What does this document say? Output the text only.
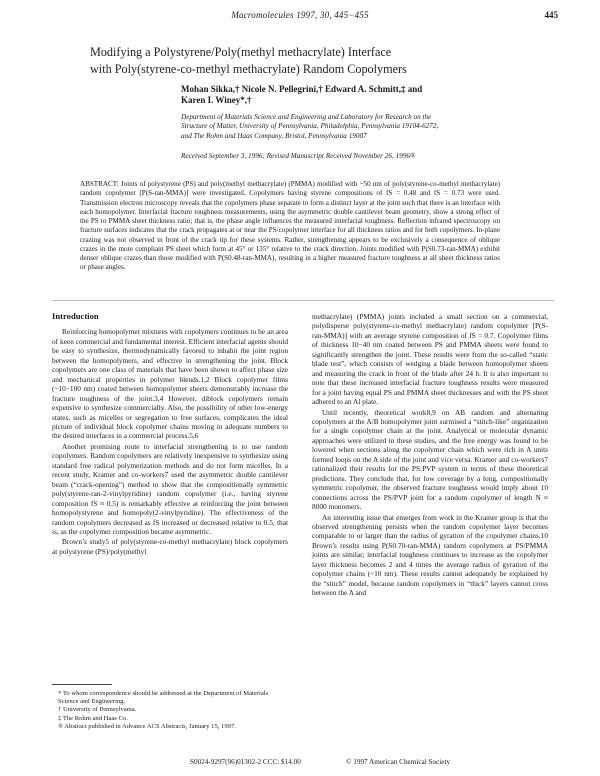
Macromolecules 1997, 30, 445−455	445
Modifying a Polystyrene/Poly(methyl methacrylate) Interface
with Poly(styrene-co-methyl methacrylate) Random Copolymers
Mohan Sikka,† Nicole N. Pellegrini,† Edward A. Schmitt,‡ and
Karen I. Winey*,†
Department of Materials Science and Engineering and Laboratory for Research on the
Structure of Matter, University of Pennsylvania, Philadelphia, Pennsylvania 19104-6272,
and The Rohm and Haas Company, Bristol, Pennsylvania 19007
Received September 3, 1996; Revised Manuscript Received November 26, 1996®

ABSTRACT: Joints of polystyrene (PS) and poly(methyl methacrylate) (PMMA) modified with ~50 nm of poly(styrene-co-methyl methacrylate) random copolymer [P(S-ran-MMA)] were investigated. Copolymers having styrene compositions of fS = 0.48 and fS = 0.73 were used. Transmission electron microscopy reveals that the copolymers phase separate to form a distinct layer at the joint such that there is an interface with each homopolymer. Interfacial fracture toughness measurements, using the asymmetric double cantilever beam geometry, show a strong effect of the PS to PMMA sheet thickness ratio; that is, the phase angle influences the measured interfacial toughness. Reflection infrared spectroscopy on fracture surfaces indicates that the crack propagates at or near the PS/copolymer interface for all thickness ratios and for both copolymers. In-plane crazing was not observed in front of the crack tip for these systems. Rather, strengthening appears to be exclusively a consequence of oblique crazes in the more compliant PS sheet which form at 45° or 135° relative to the crack direction. Joints modified with P(S0.73-ran-MMA) exhibit denser oblique crazes than those modified with P(S0.48-ran-MMA), resulting in a higher measured fracture toughness at all sheet thickness ratios or phase angles.

Introduction

Reinforcing homopolymer mixtures with copolymers continues to be an area of keen commercial and fundamental interest. Efficient interfacial agents should be easy to synthesize, thermodynamically favored to inhabit the joint region between the homopolymers, and effective in strengthening the joint. Block copolymers are one class of materials that have been shown to affect phase size and mechanical properties in polymer blends.1,2 Block copolymer films (~10−100 nm) coated between homopolymer sheets demonstrably increase the fracture toughness of the joint.3,4 However, diblock copolymers remain expensive to synthesize commercially. Also, the possibility of other low-energy states, such as micelles or segregation to free surfaces, complicates the ideal picture of individual block copolymer chains moving in adequate numbers to the desired interfaces in a commercial process.5,6

Another promising route to interfacial strengthening is to use random copolymers. Random copolymers are relatively inexpensive to synthesize using standard free radical polymerization methods and do not form micelles. In a recent study, Kramer and co-workers7 used the asymmetric double cantilever beam (“crack-opening”) method to show that the compositionally symmetric poly(styrene-ran-2-vinylpyridine) random copolymer (i.e., having styrene composition fS ≈ 0.5) is remarkably effective at reinforcing the joint between homopolystyrene and homopoly(2-vinylpyridine). The effectiveness of the random copolymers decreased as fS increased or decreased relative to 0.5, that is, as the copolymer composition became asymmetric.

Brown’s study5 of poly(styrene-co-methyl methacrylate) block copolymers at polystyrene (PS)/poly(methyl

methacrylate) (PMMA) joints included a small section on a commercial, polydisperse poly(styrene-co-methyl methacrylate) random copolymer [P(S-ran-MMA)] with an average styrene composition of fS = 0.7. Copolymer films of thickness 10−40 nm coated between PS and PMMA sheets were found to significantly strengthen the joint. These results were from the so-called “static blade test”, which consists of wedging a blade between homopolymer sheets and measuring the crack in front of the blade after 24 h. It is also important to note that these increased interfacial fracture toughness results were measured for a joint having equal PS and PMMA sheet thicknesses and with the PS sheet adhered to an Al plate.

Until recently, theoretical work8,9 on AB random and alternating copolymers at the A/B homopolymer joint surmised a “stitch-like” organization for a single copolymer chain at the joint. Analytical or molecular dynamic approaches were utilized in these studies, and the free energy was found to be lowered when sections along the copolymer chain which were rich in A units formed loops on the A side of the joint and vice versa. Kramer and co-workers7 rationalized their results for the PS:PVP system in terms of these theoretical predictions. They conclude that, for low coverage by a long, compositionally symmetric copolymer, the observed fracture toughness would imply about 10 connections across the PS/PVP joint for a random copolymer of length N ≈ 8000 monomers.

An interesting issue that emerges from work in the Kramer group is that the observed strengthening persists when the random copolymer layer becomes comparable to or larger than the radius of gyration of the copolymer chains.10 Brown’s results using P(S0.70-ran-MMA) random copolymers at PS/PMMA joints are similar; interfacial toughness continues to increase as the copolymer layer thickness becomes 2 and 4 times the average radius of gyration of the copolymer chains (~10 nm). These results cannot adequately be explained by the “stitch” model, because random copolymers in “thick” layers cannot cross between the A and

* To whom correspondence should be addressed at the Department of Materials Science and Engineering.
† University of Pennsylvania.
‡ The Rohm and Haas Co.
® Abstract published in Advance ACS Abstracts, January 15, 1997.
S0024-9297(96)01302-2 CCC: $14.00	© 1997 American Chemical Society
